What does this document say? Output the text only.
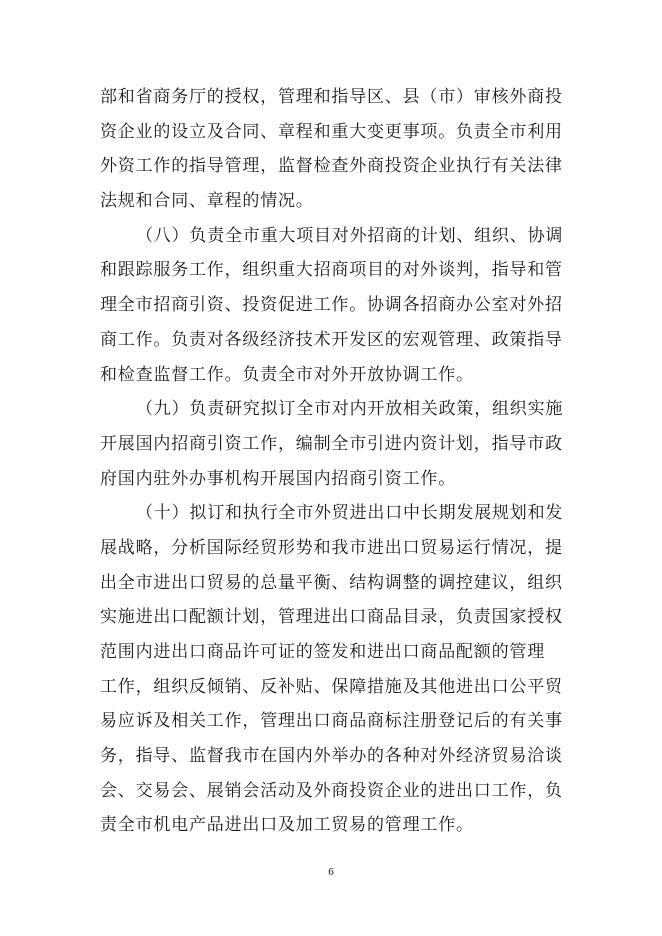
部和省商务厅的授权，管理和指导区、县（市）审核外商投
资企业的设立及合同、章程和重大变更事项。负责全市利用
外资工作的指导管理，监督检查外商投资企业执行有关法律
法规和合同、章程的情况。
（八）负责全市重大项目对外招商的计划、组织、协调
和跟踪服务工作，组织重大招商项目的对外谈判，指导和管
理全市招商引资、投资促进工作。协调各招商办公室对外招
商工作。负责对各级经济技术开发区的宏观管理、政策指导
和检查监督工作。负责全市对外开放协调工作。
（九）负责研究拟订全市对内开放相关政策，组织实施
开展国内招商引资工作，编制全市引进内资计划，指导市政
府国内驻外办事机构开展国内招商引资工作。
（十）拟订和执行全市外贸进出口中长期发展规划和发
展战略，分析国际经贸形势和我市进出口贸易运行情况，提
出全市进出口贸易的总量平衡、结构调整的调控建议，组织
实施进出口配额计划，管理进出口商品目录，负责国家授权
范围内进出口商品许可证的签发和进出口商品配额的管理
工作，组织反倾销、反补贴、保障措施及其他进出口公平贸
易应诉及相关工作，管理出口商品商标注册登记后的有关事
务，指导、监督我市在国内外举办的各种对外经济贸易洽谈
会、交易会、展销会活动及外商投资企业的进出口工作，负
责全市机电产品进出口及加工贸易的管理工作。
6
